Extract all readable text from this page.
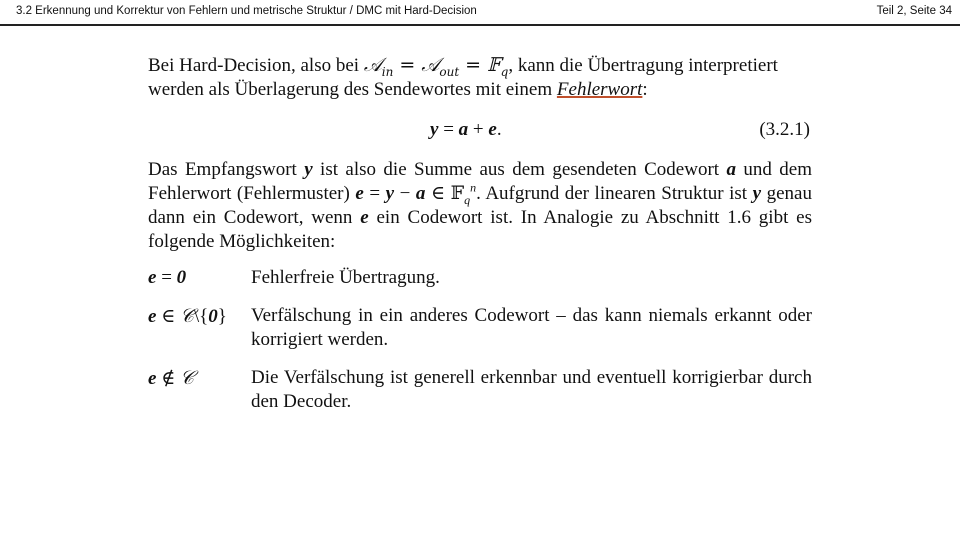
3.2 Erkennung und Korrektur von Fehlern und metrische Struktur / DMC mit Hard-Decision	Teil 2, Seite 34
Bei Hard-Decision, also bei 𝒜$_{in}$ = 𝒜$_{out}$ = 𝔽$_q$, kann die Übertragung interpretiert werden als Überlagerung des Sendewortes mit einem Fehlerwort:
y = a + e.	(3.2.1)
Das Empfangswort y ist also die Summe aus dem gesendeten Codewort a und dem Fehlerwort (Fehlermuster) e = y − a ∈ 𝔽$_q^n$. Aufgrund der linearen Struktur ist y genau dann ein Codewort, wenn e ein Codewort ist. In Analogie zu Abschnitt 1.6 gibt es folgende Möglichkeiten:
e = 0	Fehlerfreie Übertragung.
e ∈ 𝒞\{0}	Verfälschung in ein anderes Codewort – das kann niemals erkannt oder korrigiert werden.
e ∉ 𝒞	Die Verfälschung ist generell erkennbar und eventuell korrigierbar durch den Decoder.
